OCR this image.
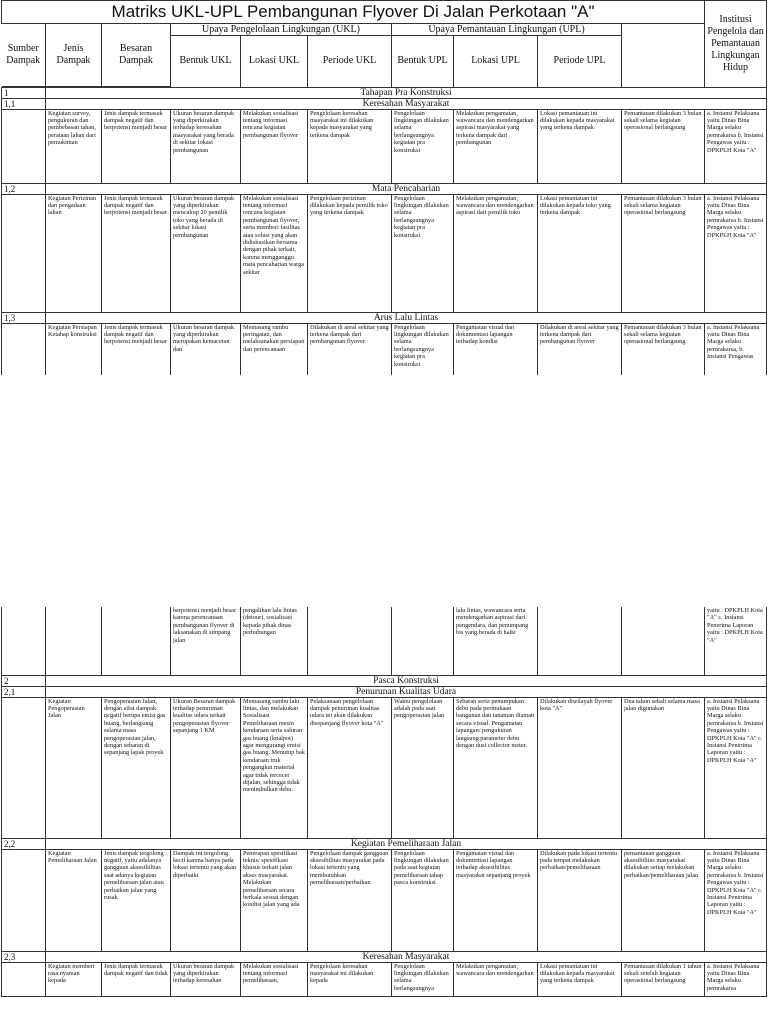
Matriks UKL-UPL Pembangunan Flyover Di Jalan Perkotaan "A"	Institusi Pengelola dan Pemantauan Lingkungan Hidup

Sumber Dampak	Jenis Dampak	Besaran Dampak
	Upaya Pengelolaan Lingkungan (UKL)	Upaya Pemantauan Lingkungan (UPL)
Bentuk UKL	Lokasi UKL	Periode UKL	Bentuk UPL	Lokasi UPL	Periode UPL
1	Tahapan Pra Konstruksi
1,1	Keresahan Masyarakat
	Kegiatan survey, pengukuran dan pembebasan tahan, perataan lahan dari pemukiman	Jenis dampak termasuk dampak negatif dan berpotensi menjadi besar	Ukuran besaran dampak yang diperkirakan terhadap keresahan masyarakat yang berada di sekitar lokasi pembangunan	Melakukan sosialisasi tentang informasi rencana kegiatan pembangunan flyover	Pengelolaan keresahan masyarakat ini dilakukan kepada masyarakat yang terkena dampak	Pengelolaan lingkungan dilakukan selama berlangsungnya kegiatan pra konstruksi	Melakukan pengamatan, wawancara dan mendengarkan aspirasi masyarakat yang terkena dampak dari pembangunan	Lokasi pemantauan ini dilakukan kepada masyarakat yang terkena dampak	Pemantauan dilakukan 3 bulan sekali selama kegiatan operasional berlangsung	a. Instansi Pelaksana yaitu Dinas Bina Marga selaku pemrakarsa b. Instansi Pengawas yaitu : DPKPLH Kota "A"
1,2	Mata Pencaharian
	Kegiatan Perizinan dan pengadaan lahan	Jenis dampak termasuk dampak negatif dan berpotensi menjadi besar	Ukuran besaran dampak yang diperkirakan mencakup 20 pemilik toko yang berada di sekitar lokasi pembangunan	Melakukan sosialisasi tentang informasi rencana kegiatan pembangunan flyover, serta memberi fasilitas atau solusi yang akan didiskusikan bersama dengan pihak terkait, karena mengganggu mata pencaharian warga sekitar	Pengelolaan perizinan dilakukan kepada pemilik toko yang terkena dampak	Pengelolaan lingkungan dilakukan selama berlangsungnya kegiatan pra konstruksi	Melakukan pengamatan, wawancara dan mendengarkan aspirasi dari pemilik toko	Lokasi pemantauan ini dilakukan kepada toko yang terkena dampak	Pemantauan dilakukan 3 bulan sekali selama kegiatan operasional berlangsung	a. Instansi Pelaksana yaitu Dinas Bina Marga selaku pemrakarsa b. Instansi Pengawas yaitu : DPKPLH Kota "A"
1,3	Arus Lalu Lintas
	Kegiatan Persiapan Ketahap konstruksi	Jenis dampak termasuk dampak negatif dan berpotensi menjadi besar	Ukuran besaran dampak yang diperkirakan merupakan kemacetan dan	Memasang rambu peringatan, dan melaksanakan persiapan dan perencanaan	Dilakukan di areal sekitar yang terkena dampak dari pembangunan flyover	Pengelolaan lingkungan dilakukan selama berlangsungnya kegiatan pra konstruksi	Pengamatan visual dan dokumentasi lapangan terhadap kondisi	Dilakukan di areal sekitar yang terkena dampak dari pembangunan flyover	Pemantauan dilakukan 3 bulan sekali selama kegiatan operasional berlangsung	a. Instansi Pelaksana yaitu Dinas Bina Marga selaku pemrakarsa, b. Instansi Pengawas
			berpotensi menjadi besar karena perencanaan pembangunan flyover di laksanakan di simpang jalan	pengalihan lalu lintas (detour), sosialisasi kepada pihak dinas perhubungan			lalu lintas, wawancara serta mendengarkan aspirasi dari pengendara, dan penumpang bis yang berada di halte			yaitu : DPKPLH Kota "A" c. Instansi Penerima Laporan yaitu : DPKPLH Kota "A"
2	Pasca Konstruksi									
2,1	Penurunan Kualitas Udara									
	Kegiatan Pengoperasian Jalan	Pengoperasian Jalan, dengan sifat dampak negatif berupa emisi gas buang, berlangsung selama masa pengoperasian jalan, dengan sebaran di sepanjang lapak proyek	Ukuran Besaran dampak terhadap penurunan kualitas udara terkait pengoperasian flyover sepanjang 1 KM	Memasang rambu lalu lintas, dan melakukan Sosialisasi Pemeliharaan mesin kendaraan serta saluran gas buang (knalpot) agar mengurangi emisi gas buang. Menutup bak kendaraan truk pengangkut material agar tidak tercecer dijalan, sehingga tidak menimbulkan debu.	Pelaksanaan pengelolaan dampak penurunan kualitas udara ini akan dilakukan disepanjang flyover kota "A"	Waktu pengelolaan adalah pada saat pengoperasian jalan	Sebaran serta penumpukan debu pada permukaan bangunan dan tanaman diamati secara visual. Pengamatan lapangan/ pengukuran langsung parameter debu dengan dust collector meter.	Dilakukan diwilayah flyover kota "A"	Dua tahun sekali selama masa jalan digunakan	a. Instansi Pelaksana yaitu Dinas Bina Marga selaku pemrakarsa b. Instansi Pengawas yaitu : DPKPLH Kota "A" c. Instansi Penerima Laporan yaitu : DPKPLH Kota "A"
2,2	Kegiatan Pemeliharaan Jalan									
	Kegiatan Pemeliharaan Jalan	Jenis dampak tergolong negatif, yaitu adalanya gangguan aksesibilitas saat adanya kegiatan pemeliharaan jalan atau perbaikan jalan yang rusak	Dampak ini tergolong kecil karena hanya pada lokasi tertentu yang akan diperbaiki	Penerapan spesifikasi teknis/ spesifikasi khusus terkait jalan akses masyarakat. Melakukan pemeliharaan secara berkala sesuai dengan kondisi jalan yang ada	Pengelolaan dampak gangguan aksesibilitas masyarakat pada lokasi tertentu yang membutuhkan pemeliharaan/perbaikan	Pengelolaan lingkungan dilakukan pada saat kegiatan pemeliharaan tahap pasca konstruksi	Pengamatan visual dan dokumentasi lapangan terhadap aksesibilitas masyarakat sepanjang proyek	Dilakukan pada lokasi tertentu pada tempat melakukan perbaikan/pemeliharaan	pemantauan gangguan aksesibilitas masyarakat dilakukan setiap melakukan perbaikan/pemeliharaan jalan	a. Instansi Pelaksana yaitu Dinas Bina Marga selaku pemrakarsa b. Instansi Pengawas yaitu : DPKPLH Kota "A" c. Instansi Penerima Laporan yaitu : DPKPLH Kota "A"
2,3	Keresahan Masyarakat									
	Kegiatan memberi rasa nyaman kepada	Jenis dampak termasuk dampak negatif dan tidak	Ukuran besaran dampak yang diperkirakan terhadap keresahan	Melakukan sosialisasi tentang informasi pemeliharaan,	Pengelolaan keresahan masyarakat ini dilakukan kepada	Pengelolaan lingkungan dilakukan selama berlangsungnya	Melakukan pengamatan, wawancara dan mendengarkan	Lokasi pemantauan ini dilakukan kepada masyarakat yang terkena dampak	Pemantauan dilakukan 1 tahun sekali setelah kegiatan operasional berlangsung	a. Instansi Pelaksana yaitu Dinas Bina Marga selaku pemrakarsa
